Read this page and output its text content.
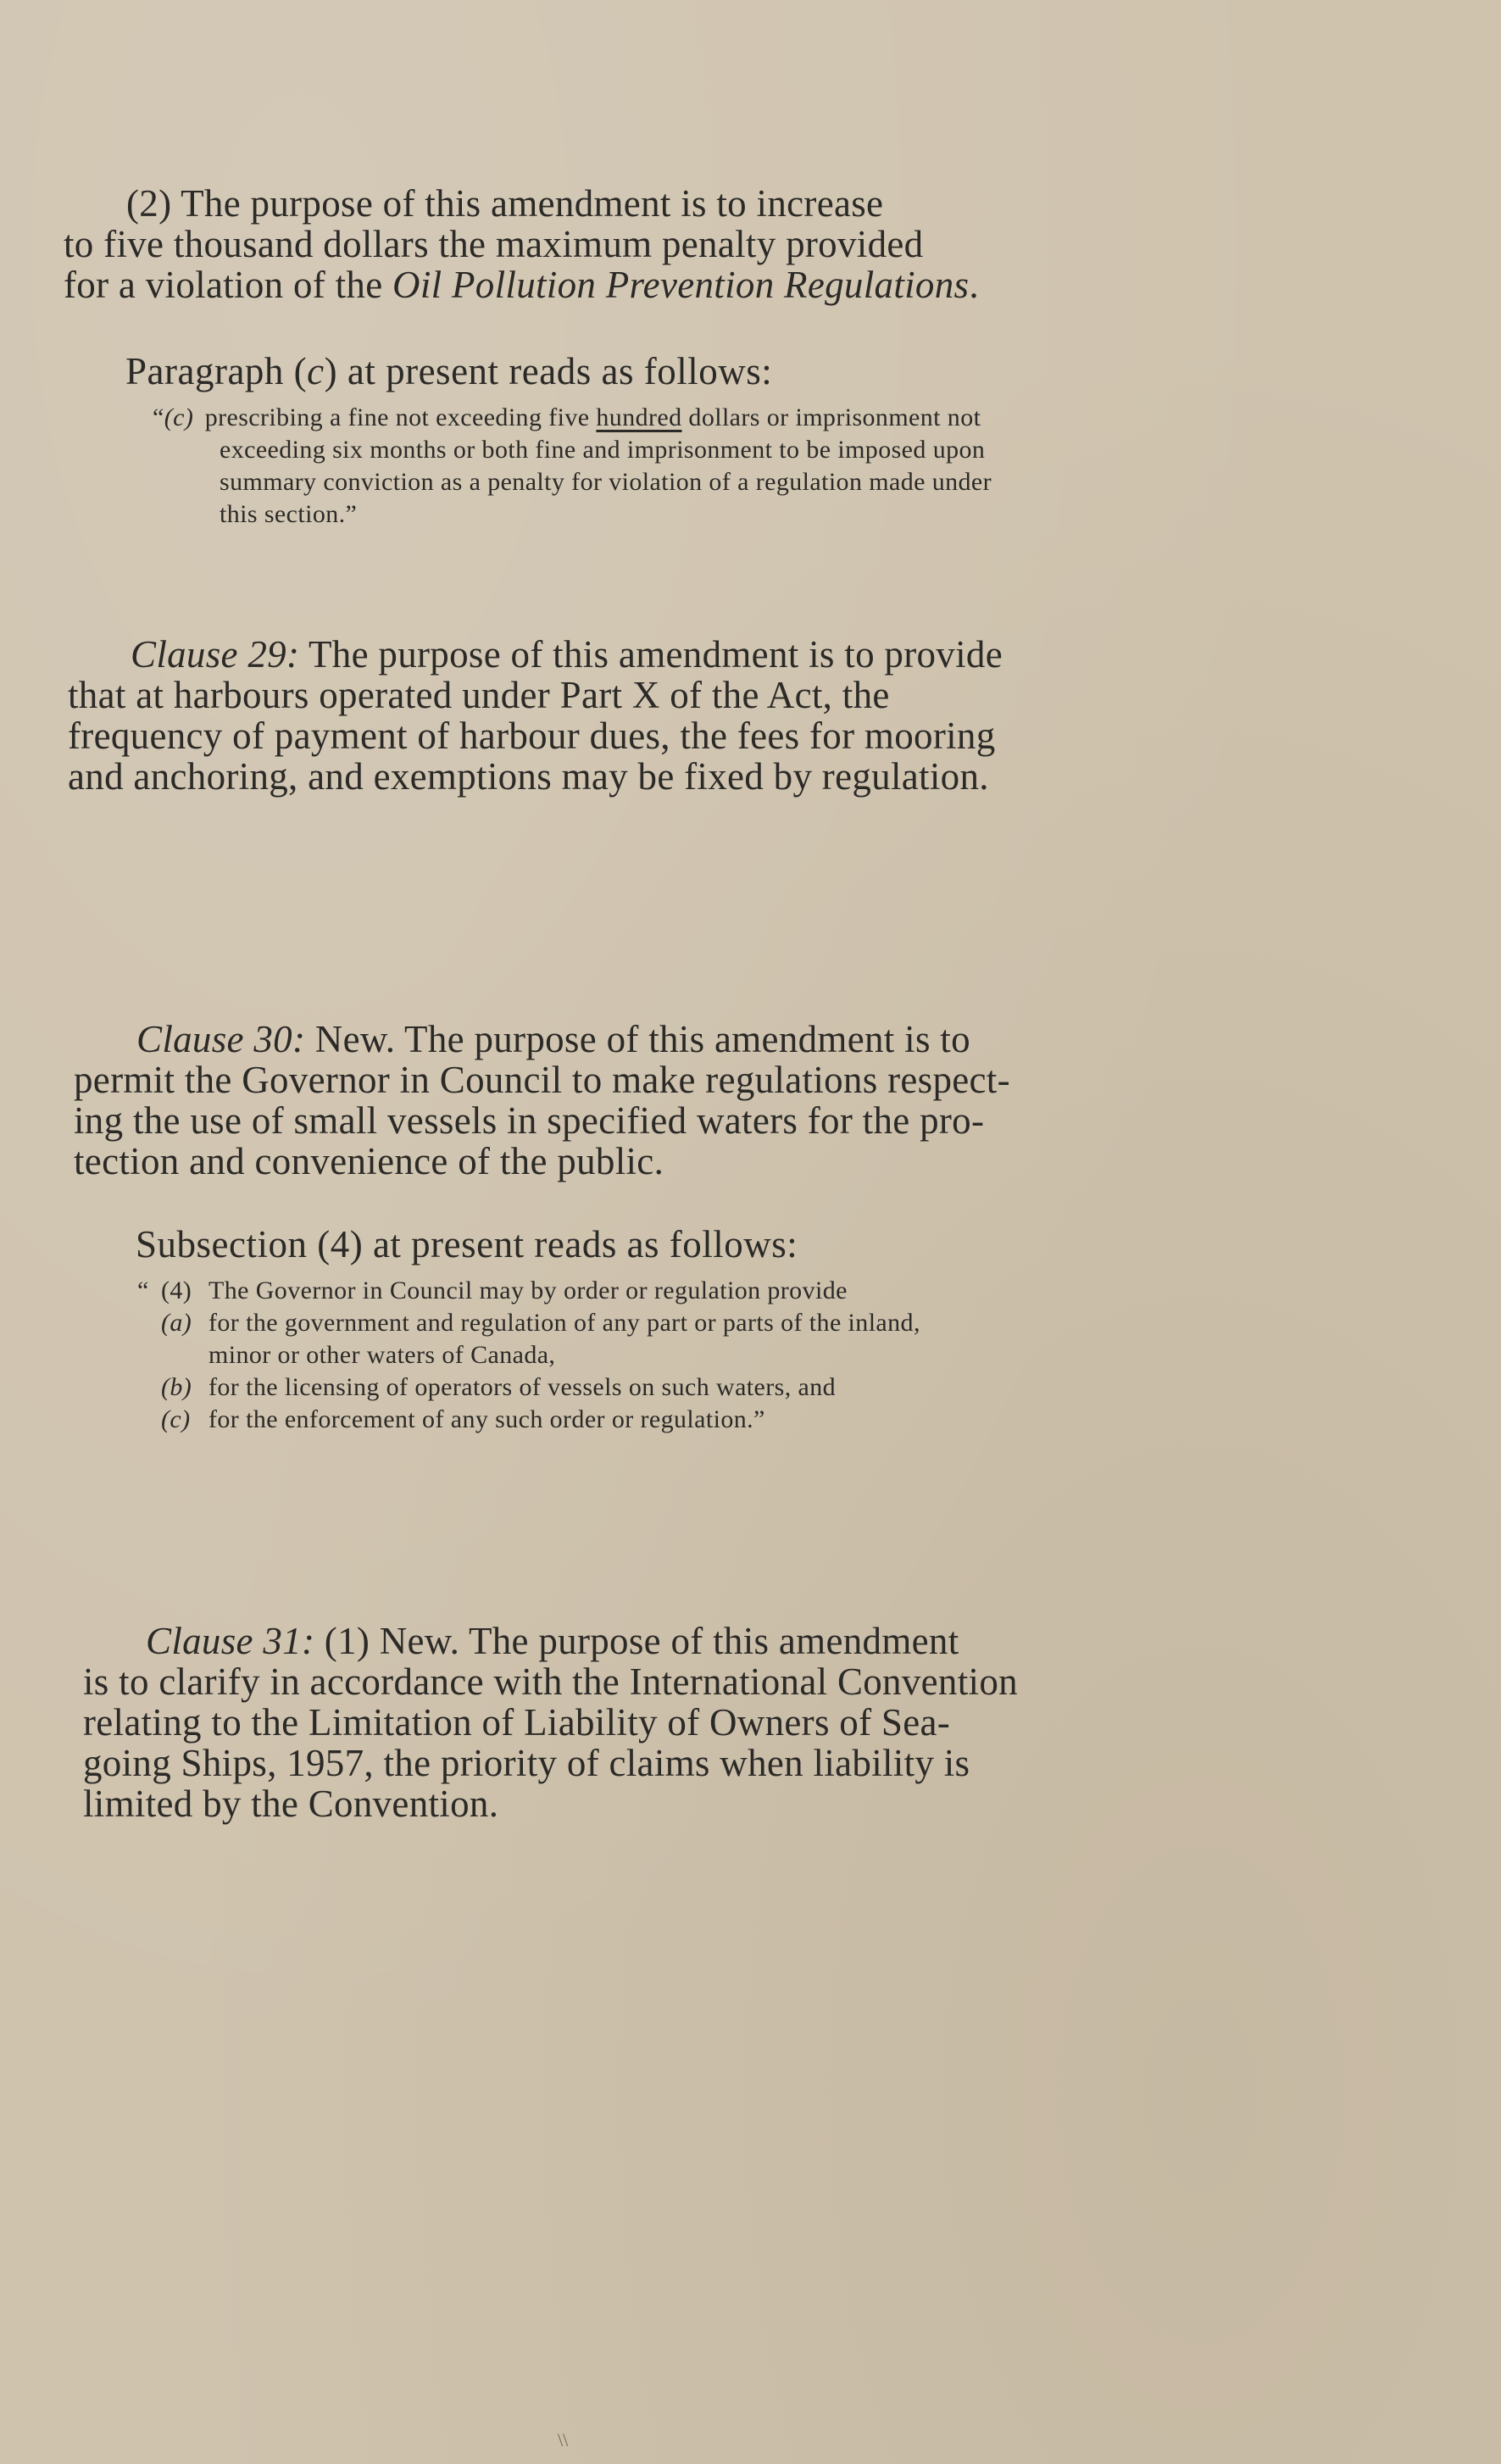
(2) The purpose of this amendment is to increase
to five thousand dollars the maximum penalty provided
for a violation of the Oil Pollution Prevention Regulations.
Paragraph (c) at present reads as follows:
“(c) prescribing a fine not exceeding five hundred dollars or imprisonment not
exceeding six months or both fine and imprisonment to be imposed upon
summary conviction as a penalty for violation of a regulation made under
this section.”
Clause 29: The purpose of this amendment is to provide
that at harbours operated under Part X of the Act, the
frequency of payment of harbour dues, the fees for mooring
and anchoring, and exemptions may be fixed by regulation.
Clause 30: New. The purpose of this amendment is to
permit the Governor in Council to make regulations respect-
ing the use of small vessels in specified waters for the pro-
tection and convenience of the public.
Subsection (4) at present reads as follows:
“ (4) The Governor in Council may by order or regulation provide
(a) for the government and regulation of any part or parts of the inland,
minor or other waters of Canada,
(b) for the licensing of operators of vessels on such waters, and
(c) for the enforcement of any such order or regulation.”
Clause 31: (1) New. The purpose of this amendment
is to clarify in accordance with the International Convention
relating to the Limitation of Liability of Owners of Sea-
going Ships, 1957, the priority of claims when liability is
limited by the Convention.
\\
